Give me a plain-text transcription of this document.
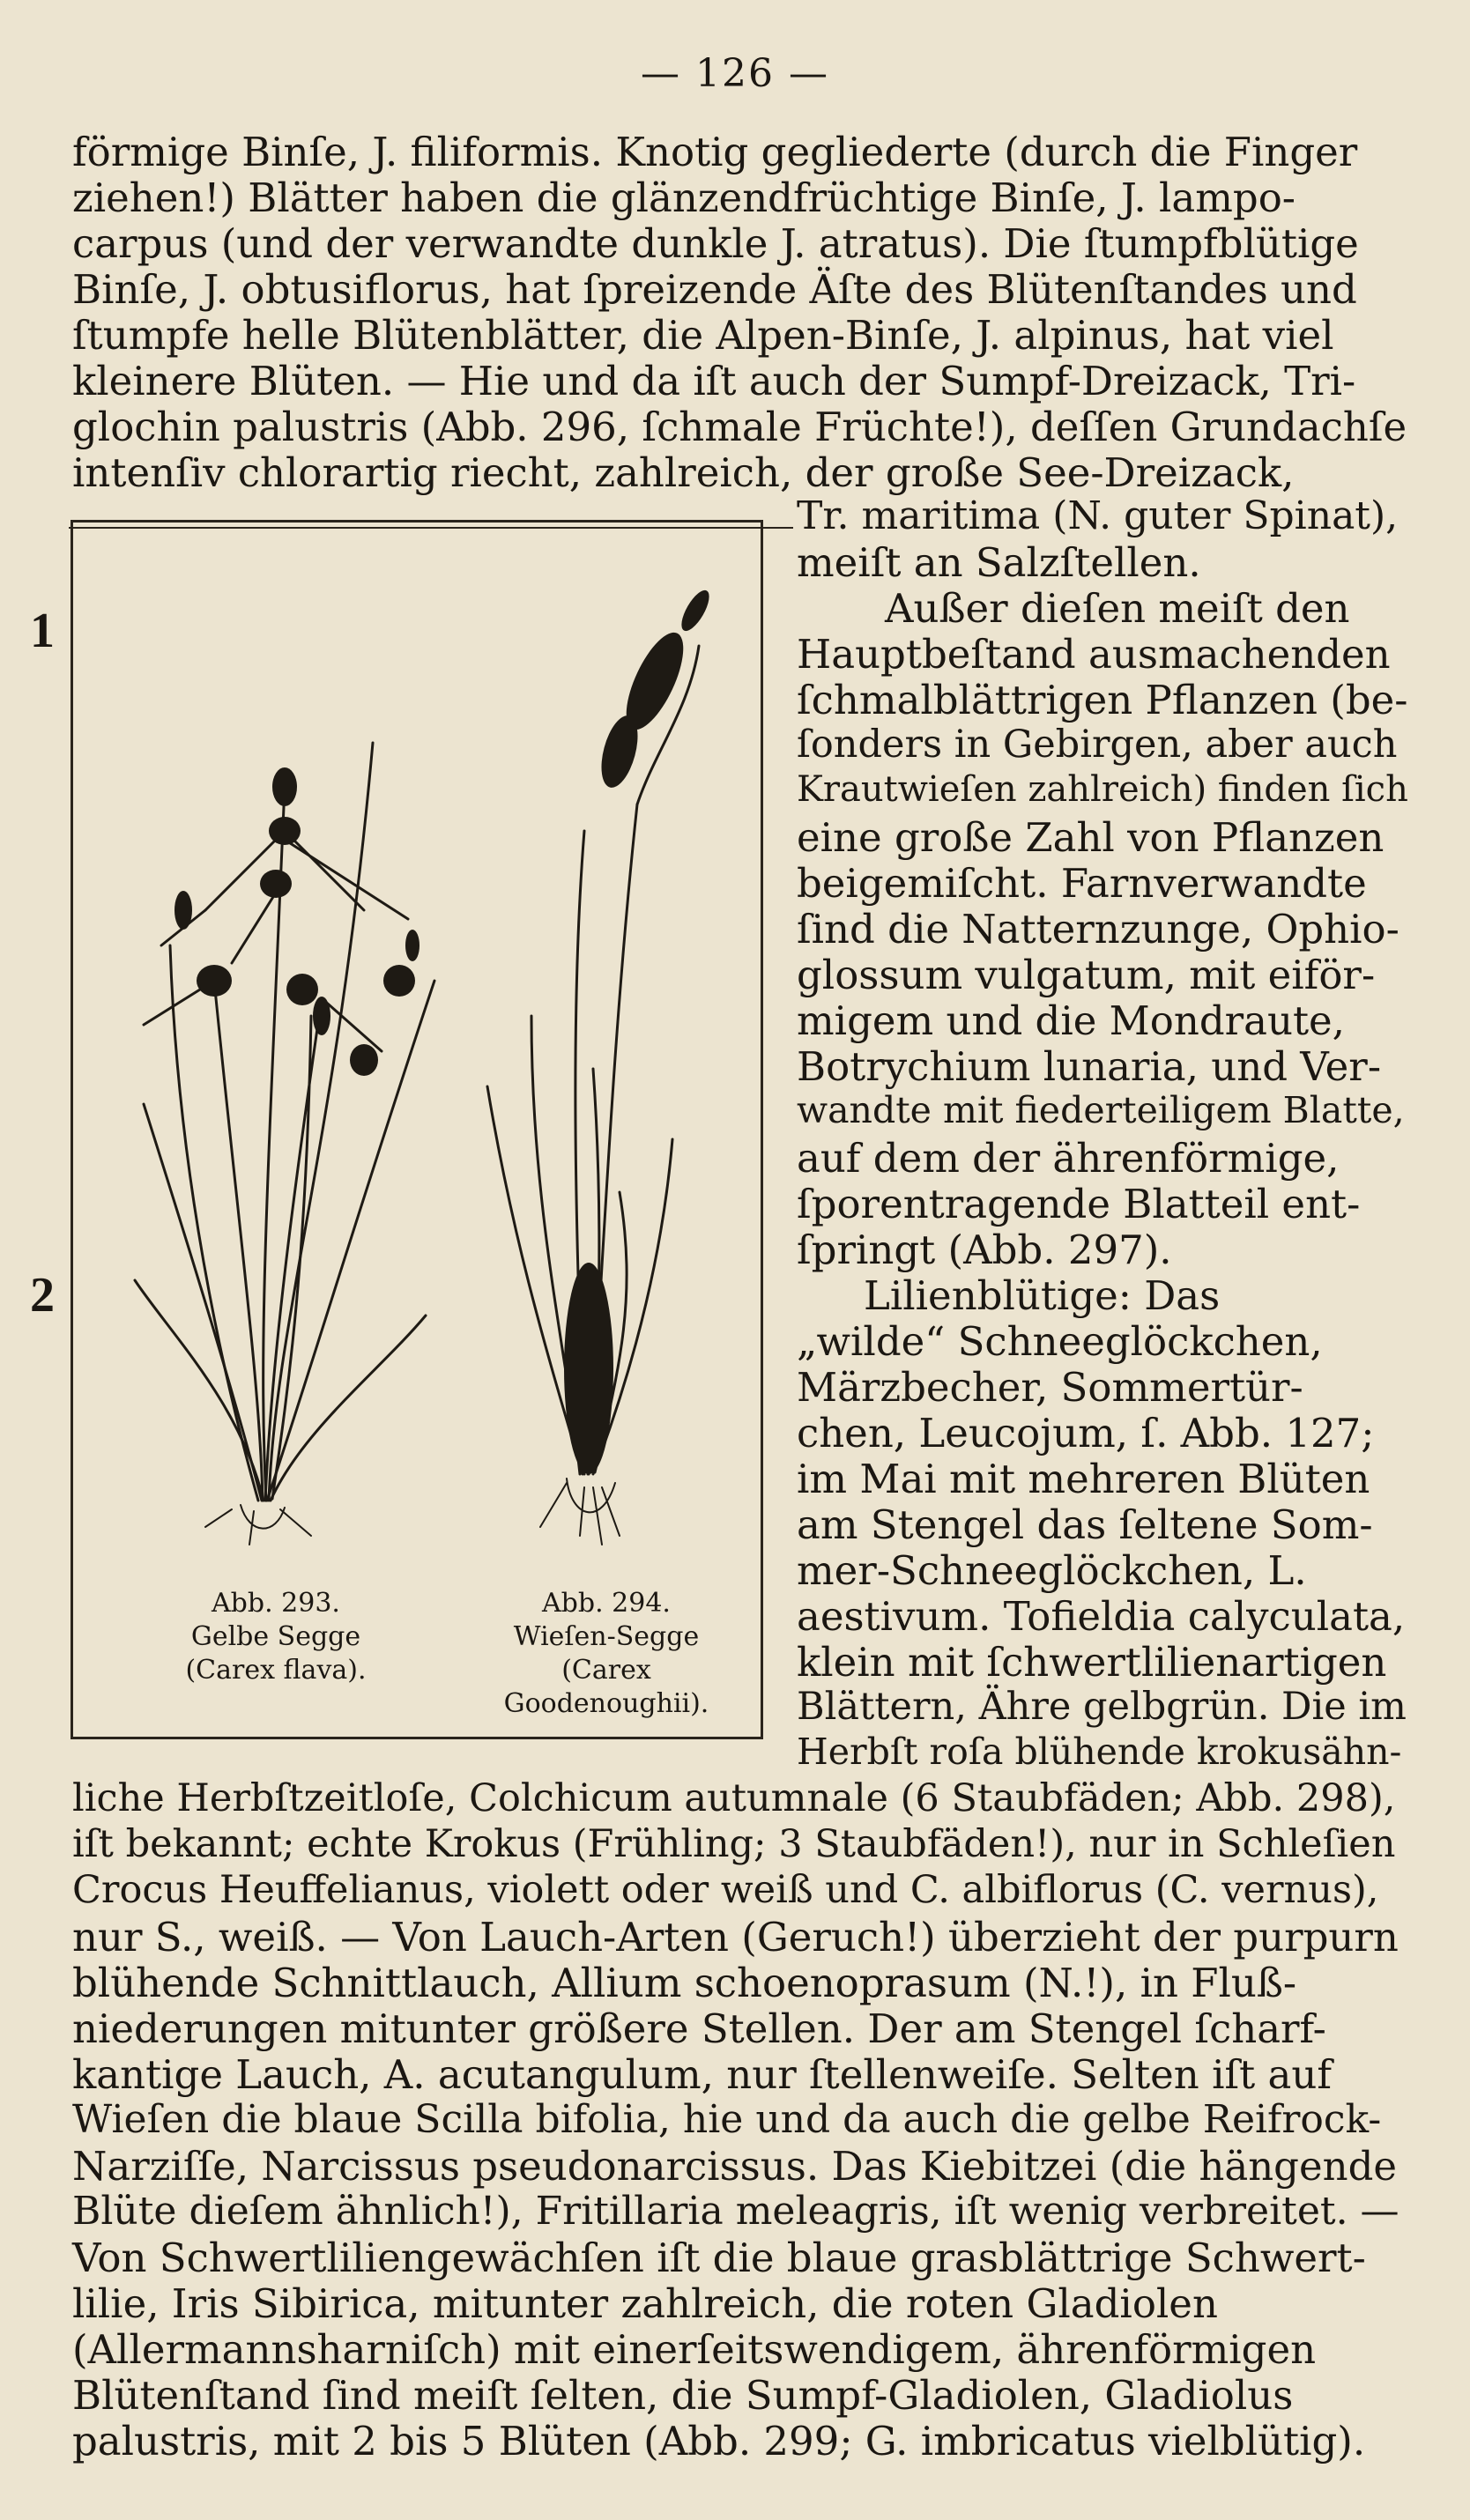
— 126 —
1
2
förmige Binſe, J. filiformis. Knotig gegliederte (durch die Finger
ziehen!) Blätter haben die glänzendfrüchtige Binſe, J. lampo-
carpus (und der verwandte dunkle J. atratus). Die ſtumpfblütige
Binſe, J. obtusiflorus, hat ſpreizende Äſte des Blütenſtandes und
ſtumpfe helle Blütenblätter, die Alpen-Binſe, J. alpinus, hat viel
kleinere Blüten. — Hie und da iſt auch der Sumpf-Dreizack, Tri-
glochin palustris (Abb. 296, ſchmale Früchte!), deſſen Grundachſe
intenſiv chlorartig riecht, zahlreich, der große See-Dreizack,
Tr. maritima (N. guter Spinat),
meiſt an Salzſtellen.
Außer dieſen meiſt den
Hauptbeſtand ausmachenden
ſchmalblättrigen Pflanzen (be-
ſonders in Gebirgen, aber auch
Krautwieſen zahlreich) finden ſich
eine große Zahl von Pflanzen
beigemiſcht. Farnverwandte
ſind die Natternzunge, Ophio-
glossum vulgatum, mit eiför-
migem und die Mondraute,
Botrychium lunaria, und Ver-
wandte mit fiederteiligem Blatte,
auf dem der ährenförmige,
ſporentragende Blatteil ent-
ſpringt (Abb. 297).
Lilienblütige: Das
„wilde“ Schneeglöckchen,
Märzbecher, Sommertür-
chen, Leucojum, ſ. Abb. 127;
im Mai mit mehreren Blüten
am Stengel das ſeltene Som-
mer-Schneeglöckchen, L.
aestivum. Tofieldia calyculata,
klein mit ſchwertlilienartigen
Blättern, Ähre gelbgrün. Die im
Herbſt roſa blühende krokusähn-
Abb. 293.
Gelbe Segge
(Carex flava).
Abb. 294.
Wieſen-Segge
(Carex
Goodenoughii).
liche Herbſtzeitloſe, Colchicum autumnale (6 Staubfäden; Abb. 298),
iſt bekannt; echte Krokus (Frühling; 3 Staubfäden!), nur in Schleſien
Crocus Heuffelianus, violett oder weiß und C. albiflorus (C. vernus),
nur S., weiß. — Von Lauch-Arten (Geruch!) überzieht der purpurn
blühende Schnittlauch, Allium schoenoprasum (N.!), in Fluß-
niederungen mitunter größere Stellen. Der am Stengel ſcharf-
kantige Lauch, A. acutangulum, nur ſtellenweiſe. Selten iſt auf
Wieſen die blaue Scilla bifolia, hie und da auch die gelbe Reifrock-
Narziſſe, Narcissus pseudonarcissus. Das Kiebitzei (die hängende
Blüte dieſem ähnlich!), Fritillaria meleagris, iſt wenig verbreitet. —
Von Schwertliliengewächſen iſt die blaue grasblättrige Schwert-
lilie, Iris Sibirica, mitunter zahlreich, die roten Gladiolen
(Allermannsharniſch) mit einerſeitswendigem, ährenförmigen
Blütenſtand ſind meiſt ſelten, die Sumpf-Gladiolen, Gladiolus
palustris, mit 2 bis 5 Blüten (Abb. 299; G. imbricatus vielblütig).
